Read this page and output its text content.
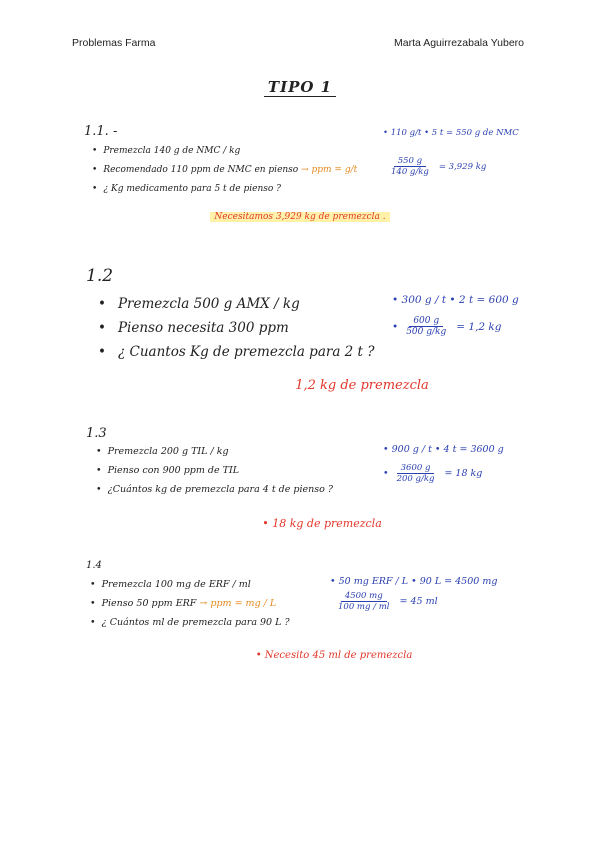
Problemas Farma	Marta Aguirrezabala Yubero
TIPO 1
1.1. -
• Premezcla 140 g de NMC / kg
• Recomendado 110 ppm de NMC en pienso
→ ppm = g/t
• ¿ Kg medicamento para 5 t de pienso ?
• 110 g/t • 5 t = 550 g de NMC
$\frac{550 g}{140 g/kg} = 3,929$ kg
Necesitamos 3,929 kg de premezcla .
1.2
• Premezcla 500 g AMX / kg
• Pienso necesita 300 ppm
• ¿ Cuantos Kg de premezcla para 2 t ?
• 300 g / t • 2 t = 600 g
• $\frac{600 g}{500 g/kg} = 1,2$ kg
1,2 kg de premezcla
1.3
• Premezcla 200 g TIL / kg
• Pienso con 900 ppm de TIL
• ¿Cuántos kg de premezcla para 4 t de pienso ?
• 900 g / t • 4 t = 3600 g
• $\frac{3600 g}{200 g/kg} = 18$ kg
• 18 kg de premezcla
1.4
• Premezcla 100 mg de ERF / ml
• Pienso 50 ppm ERF
→ ppm = mg / L
• ¿ Cuántos ml de premezcla para 90 L ?
• 50 mg ERF / L • 90 L = 4500 mg
$\frac{4500 mg}{100 mg / ml} = 45$ ml
• Necesito 45 ml de premezcla
